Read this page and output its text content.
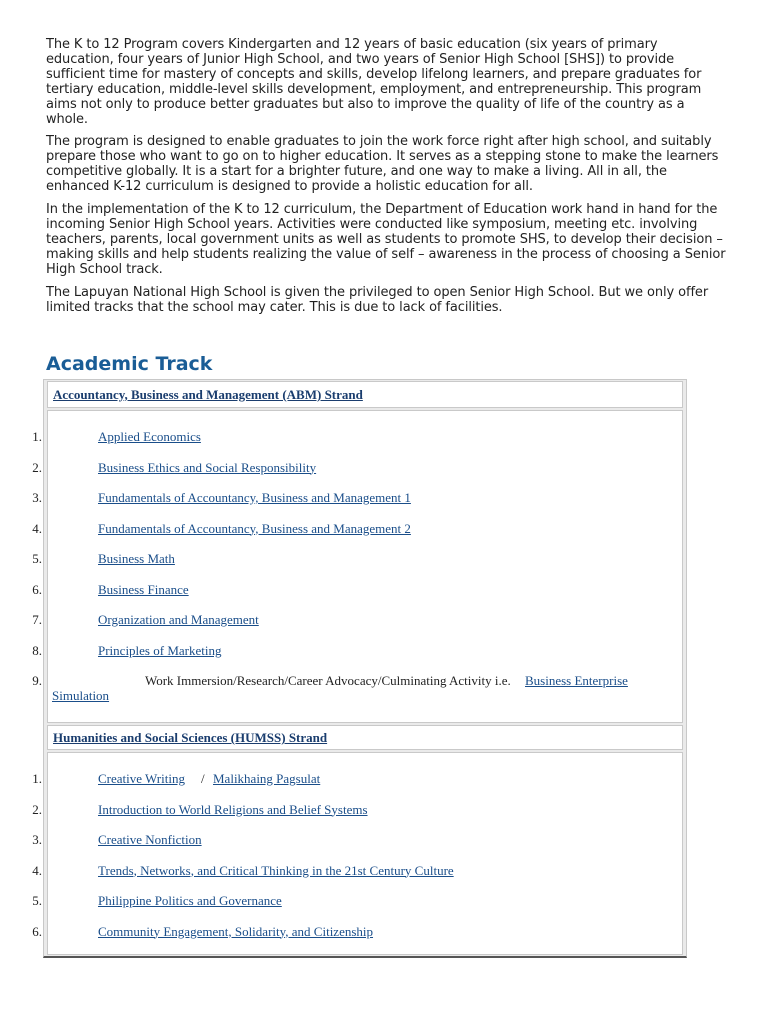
The K to 12 Program covers Kindergarten and 12 years of basic education (six years of primary education, four years of Junior High School, and two years of Senior High School [SHS]) to provide sufficient time for mastery of concepts and skills, develop lifelong learners, and prepare graduates for tertiary education, middle-level skills development, employment, and entrepreneurship. This program aims not only to produce better graduates but also to improve the quality of life of the country as a whole.

The program is designed to enable graduates to join the work force right after high school, and suitably prepare those who want to go on to higher education. It serves as a stepping stone to make the learners competitive globally. It is a start for a brighter future, and one way to make a living. All in all, the enhanced K-12 curriculum is designed to provide a holistic education for all.

In the implementation of the K to 12 curriculum, the Department of Education work hand in hand for the incoming Senior High School years. Activities were conducted like symposium, meeting etc. involving teachers, parents, local government units as well as students to promote SHS, to develop their decision – making skills and help students realizing the value of self – awareness in the process of choosing a Senior High School track.

The Lapuyan National High School is given the privileged to open Senior High School. But we only offer limited tracks that the school may cater. This is due to lack of facilities.

Academic Track
Accountancy, Business and Management (ABM) Strand
1.	Applied Economics
2.	Business Ethics and Social Responsibility
3.	Fundamentals of Accountancy, Business and Management 1
4.	Fundamentals of Accountancy, Business and Management 2
5.	Business Math
6.	Business Finance
7.	Organization and Management
8.	Principles of Marketing
9.	Work Immersion/Research/Career Advocacy/Culminating Activity i.e. Business Enterprise
Simulation
Humanities and Social Sciences (HUMSS) Strand
1.	Creative Writing / Malikhaing Pagsulat
2.	Introduction to World Religions and Belief Systems
3.	Creative Nonfiction
4.	Trends, Networks, and Critical Thinking in the 21st Century Culture
5.	Philippine Politics and Governance
6.	Community Engagement, Solidarity, and Citizenship
